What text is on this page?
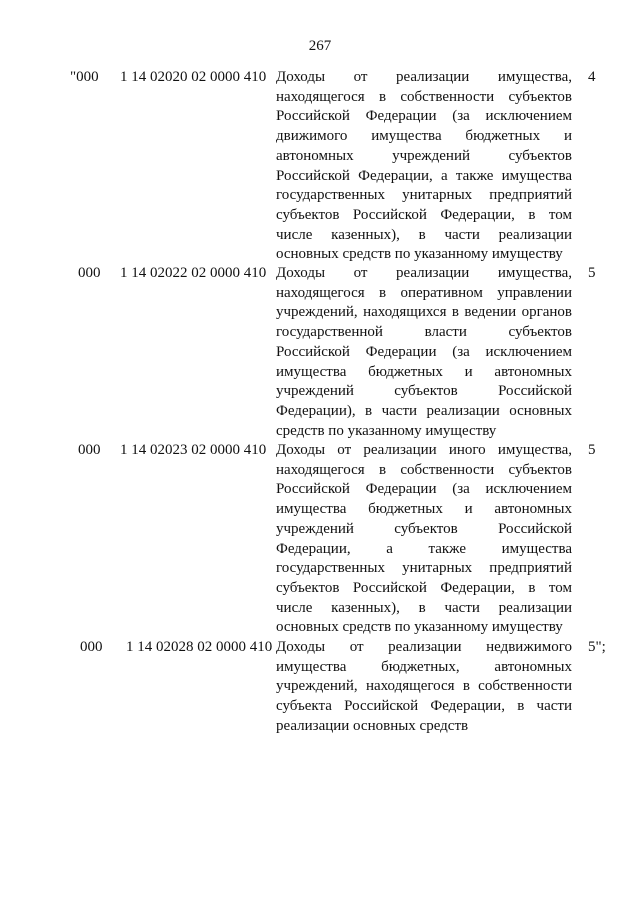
267
"000 1 14 02020 02 0000 410 Доходы от реализации имущества, находящегося в собственности субъектов Российской Федерации (за исключением движимого имущества бюджетных и автономных учреждений субъектов Российской Федерации, а также имущества государственных унитарных предприятий субъектов Российской Федерации, в том числе казенных), в части реализации основных средств по указанному имуществу
4
000 1 14 02022 02 0000 410 Доходы от реализации имущества, находящегося в оперативном управлении учреждений, находящихся в ведении органов государственной власти субъектов Российской Федерации (за исключением имущества бюджетных и автономных учреждений субъектов Российской Федерации), в части реализации основных средств по указанному имуществу
5
000 1 14 02023 02 0000 410 Доходы от реализации иного имущества, находящегося в собственности субъектов Российской Федерации (за исключением имущества бюджетных и автономных учреждений субъектов Российской Федерации, а также имущества государственных унитарных предприятий субъектов Российской Федерации, в том числе казенных), в части реализации основных средств по указанному имуществу
5
000 1 14 02028 02 0000 410 Доходы от реализации недвижимого имущества бюджетных, автономных учреждений, находящегося в собственности субъекта Российской Федерации, в части реализации основных средств
5";
